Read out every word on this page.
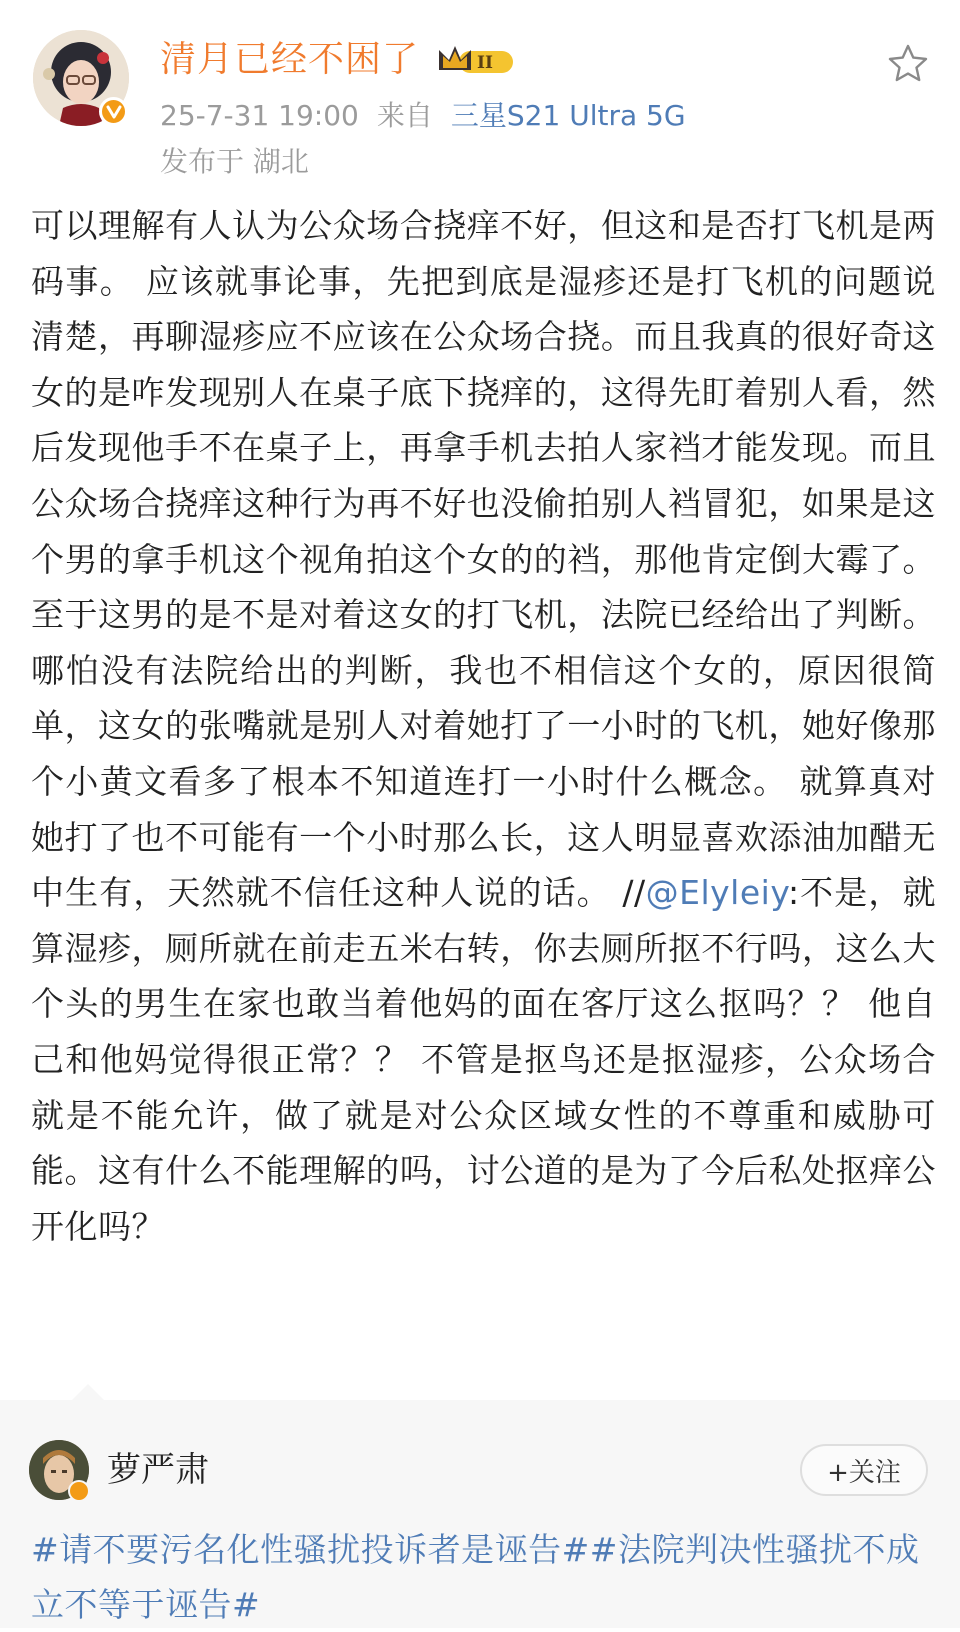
清月已经不困了	II
25-7-31 19:00 来自 三星S21 Ultra 5G
发布于 湖北
可以理解有人认为公众场合挠痒不好，但这和是否打飞机是两码事。 应该就事论事，先把到底是湿疹还是打飞机的问题说清楚，再聊湿疹应不应该在公众场合挠。而且我真的很好奇这女的是咋发现别人在桌子底下挠痒的，这得先盯着别人看，然后发现他手不在桌子上，再拿手机去拍人家裆才能发现。而且公众场合挠痒这种行为再不好也没偷拍别人裆冒犯，如果是这个男的拿手机这个视角拍这个女的的裆，那他肯定倒大霉了。 至于这男的是不是对着这女的打飞机，法院已经给出了判断。哪怕没有法院给出的判断，我也不相信这个女的，原因很简单，这女的张嘴就是别人对着她打了一小时的飞机，她好像那个小黄文看多了根本不知道连打一小时什么概念。 就算真对她打了也不可能有一个小时那么长，这人明显喜欢添油加醋无中生有，天然就不信任这种人说的话。 //@Elyleiy:不是，就算湿疹，厕所就在前走五米右转，你去厕所抠不行吗，这么大个头的男生在家也敢当着他妈的面在客厅这么抠吗？？ 他自己和他妈觉得很正常？？ 不管是抠鸟还是抠湿疹，公众场合就是不能允许，做了就是对公众区域女性的不尊重和威胁可能。这有什么不能理解的吗，讨公道的是为了今后私处抠痒公开化吗？
萝严肃	+关注
#请不要污名化性骚扰投诉者是诬告##法院判决性骚扰不成立不等于诬告#
